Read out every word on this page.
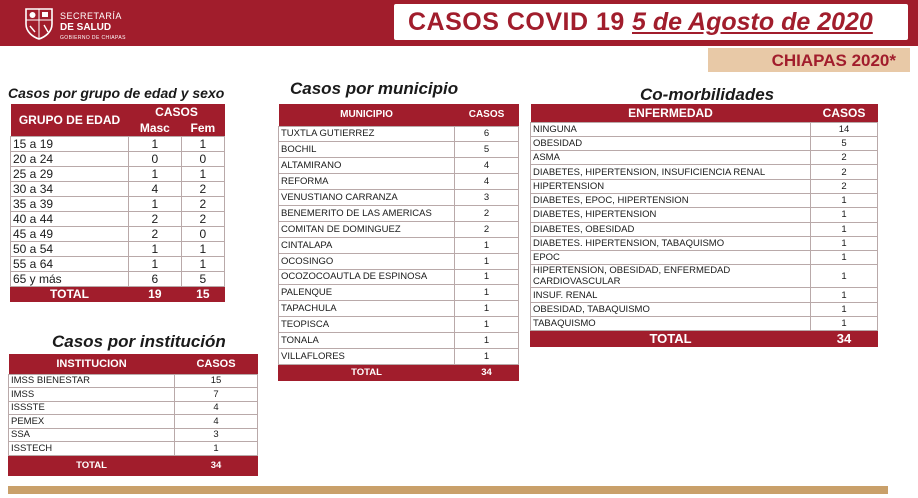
SECRETARÍA
DE SALUD
GOBIERNO DE CHIAPAS
CASOS COVID 19 5 de Agosto de 2020
CHIAPAS 2020*
Casos por grupo de edad y sexo	Casos por municipio	Co-morbilidades
Casos por institución
GRUPO DE EDAD	CASOS	
	Masc	Fem
15 a 19	1	1
20 a 24	0	0
25 a 29	1	1
30 a 34	4	2
35 a 39	1	2
40 a 44	2	2
45 a 49	2	0
50 a 54	1	1
55 a 64	1	1
65 y más	6	5
TOTAL	19	15
MUNICIPIO	CASOS
TUXTLA GUTIERREZ	6
BOCHIL	5
ALTAMIRANO	4
REFORMA	4
VENUSTIANO CARRANZA	3
BENEMERITO DE LAS AMERICAS	2
COMITAN DE DOMINGUEZ	2
CINTALAPA	1
OCOSINGO	1
OCOZOCOAUTLA DE ESPINOSA	1
PALENQUE	1
TAPACHULA	1
TEOPISCA	1
TONALA	1
VILLAFLORES	1
TOTAL	34
ENFERMEDAD	CASOS
NINGUNA	14
OBESIDAD	5
ASMA	2
DIABETES, HIPERTENSION, INSUFICIENCIA RENAL	2
HIPERTENSION	2
DIABETES, EPOC, HIPERTENSION	1
DIABETES, HIPERTENSION	1
DIABETES, OBESIDAD	1
DIABETES. HIPERTENSION, TABAQUISMO	1
EPOC	1
HIPERTENSION, OBESIDAD, ENFERMEDAD CARDIOVASCULAR	1
INSUF. RENAL	1
OBESIDAD, TABAQUISMO	1
TABAQUISMO	1
TOTAL	34
INSTITUCION	CASOS
IMSS BIENESTAR	15
IMSS	7
ISSSTE	4
PEMEX	4
SSA	3
ISSTECH	1
TOTAL	34
